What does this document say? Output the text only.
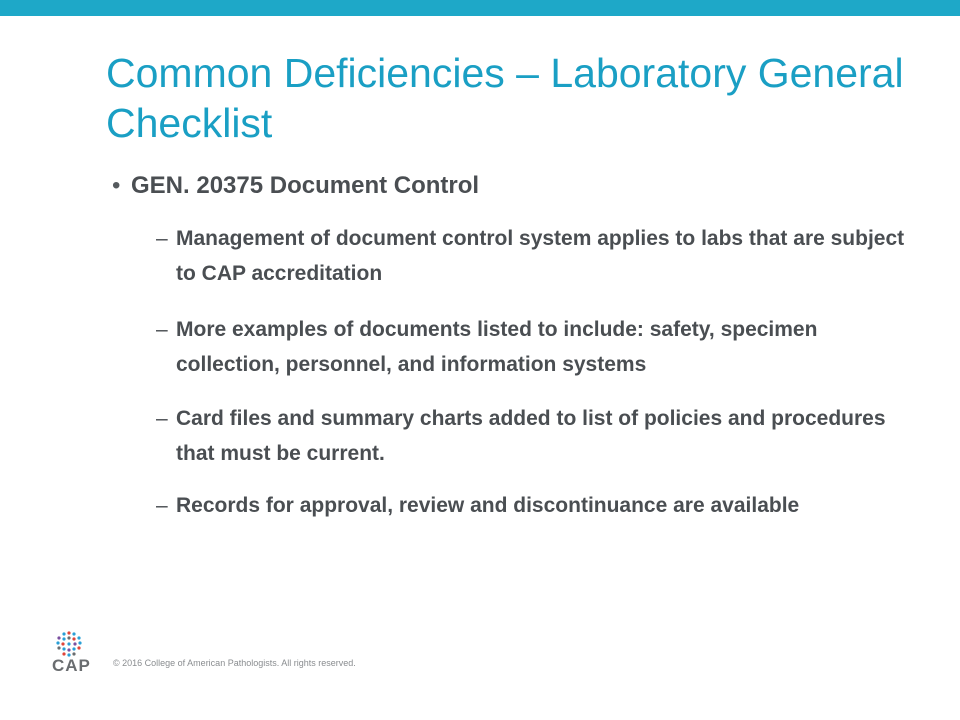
Common Deficiencies – Laboratory General Checklist
• GEN. 20375 Document Control
– Management of document control system applies to labs that are subject to CAP accreditation
– More examples of documents listed to include: safety, specimen collection, personnel, and information systems
– Card files and summary charts added to list of policies and procedures that must be current.
– Records for approval, review and discontinuance are available
CAP © 2016 College of American Pathologists. All rights reserved.
